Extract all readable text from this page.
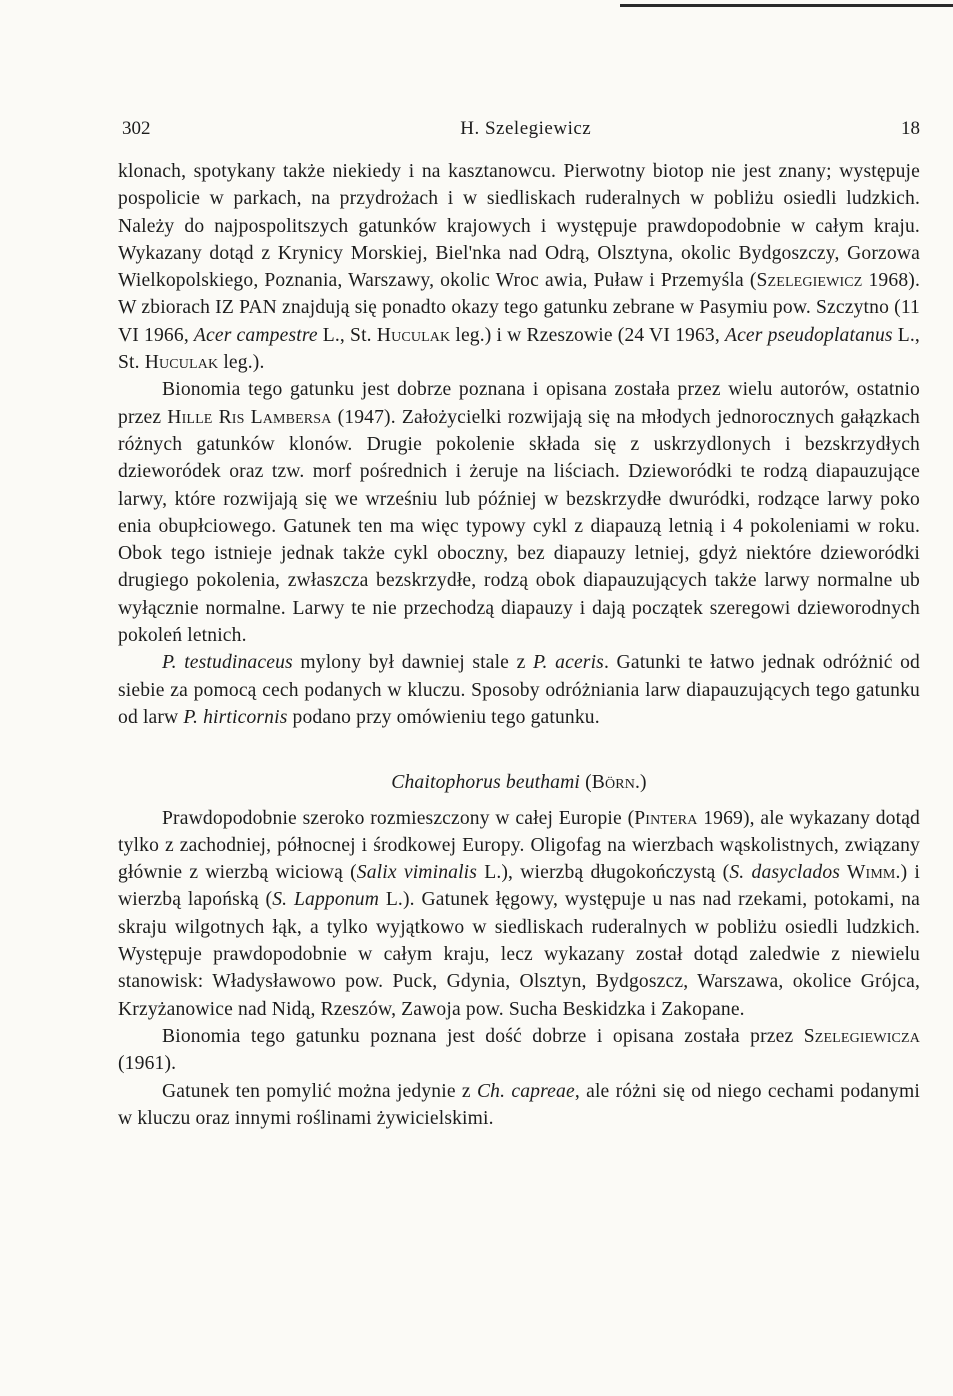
302	H. Szelegiewicz	18

klonach, spotykany także niekiedy i na kasztanowcu. Pierwotny biotop nie jest znany; występuje pospolicie w parkach, na przydrożach i w siedliskach ruderalnych w pobliżu osiedli ludzkich. Należy do najpospolitszych gatunków krajowych i występuje prawdopodobnie w całym kraju. Wykazany dotąd z Krynicy Morskiej, Biel'nka nad Odrą, Olsztyna, okolic Bydgoszczy, Gorzowa Wielkopolskiego, Poznania, Warszawy, okolic Wroc awia, Puław i Przemyśla (Szelegiewicz 1968). W zbiorach IZ PAN znajdują się ponadto okazy tego gatunku zebrane w Pasymiu pow. Szczytno (11 VI 1966, Acer campestre L., St. Huculak leg.) i w Rzeszowie (24 VI 1963, Acer pseudoplatanus L., St. Huculak leg.).

Bionomia tego gatunku jest dobrze poznana i opisana została przez wielu autorów, ostatnio przez Hille Ris Lambersa (1947). Założycielki rozwijają się na młodych jednorocznych gałązkach różnych gatunków klonów. Drugie pokolenie składa się z uskrzydlonych i bezskrzydłych dzieworódek oraz tzw. morf pośrednich i żeruje na liściach. Dzieworódki te rodzą diapauzujące larwy, które rozwijają się we wrześniu lub później w bezskrzydłe dwuródki, rodzące larwy poko enia obupłciowego. Gatunek ten ma więc typowy cykl z diapauzą letnią i 4 pokoleniami w roku. Obok tego istnieje jednak także cykl oboczny, bez diapauzy letniej, gdyż niektóre dzieworódki drugiego pokolenia, zwłaszcza bezskrzydłe, rodzą obok diapauzujących także larwy normalne ub wyłącznie normalne. Larwy te nie przechodzą diapauzy i dają początek szeregowi dzieworodnych pokoleń letnich.

P. testudinaceus mylony był dawniej stale z P. aceris. Gatunki te łatwo jednak odróżnić od siebie za pomocą cech podanych w kluczu. Sposoby odróżniania larw diapauzujących tego gatunku od larw P. hirticornis podano przy omówieniu tego gatunku.

Chaitophorus beuthami (Börn.)

Prawdopodobnie szeroko rozmieszczony w całej Europie (Pintera 1969), ale wykazany dotąd tylko z zachodniej, północnej i środkowej Europy. Oligofag na wierzbach wąskolistnych, związany głównie z wierzbą wiciową (Salix viminalis L.), wierzbą długokończystą (S. dasyclados Wimm.) i wierzbą lapońską (S. Lapponum L.). Gatunek łęgowy, występuje u nas nad rzekami, potokami, na skraju wilgotnych łąk, a tylko wyjątkowo w siedliskach ruderalnych w pobliżu osiedli ludzkich. Występuje prawdopodobnie w całym kraju, lecz wykazany został dotąd zaledwie z niewielu stanowisk: Władysławowo pow. Puck, Gdynia, Olsztyn, Bydgoszcz, Warszawa, okolice Grójca, Krzyżanowice nad Nidą, Rzeszów, Zawoja pow. Sucha Beskidzka i Zakopane.

Bionomia tego gatunku poznana jest dość dobrze i opisana została przez Szelegiewicza (1961).

Gatunek ten pomylić można jedynie z Ch. capreae, ale różni się od niego cechami podanymi w kluczu oraz innymi roślinami żywicielskimi.
